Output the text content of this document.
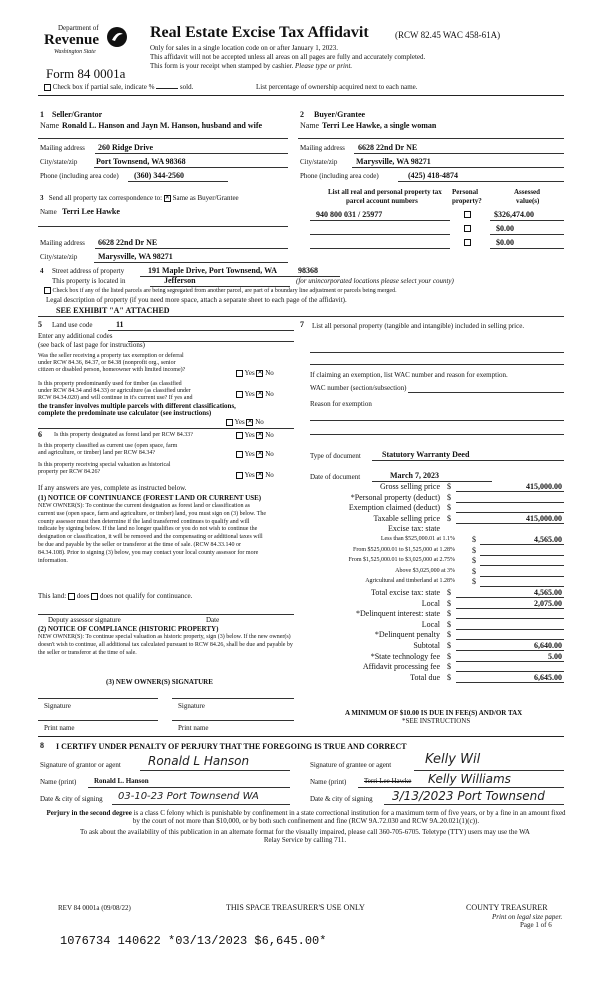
Department of
Revenue
Washington State
Form 84 0001a
Real Estate Excise Tax Affidavit	(RCW 82.45 WAC 458-61A)
Only for sales in a single location code on or after January 1, 2023.
This affidavit will not be accepted unless all areas on all pages are fully and accurately completed.
This form is your receipt when stamped by cashier. Please type or print.
Check box if partial sale, indicate %	sold.	List percentage of ownership acquired next to each name.
1 Seller/Grantor
Name Ronald L. Hanson and Jayn M. Hanson, husband and wife
2 Buyer/Grantee
Name Terri Lee Hawke, a single woman
Mailing address 260 Ridge Drive
City/state/zip Port Townsend, WA 98368
Phone (including area code) (360) 344-2560
Mailing address 6628 22nd Dr NE
City/state/zip Marysville, WA 98271
Phone (including area code)	(425) 418-4874
3 Send all property tax correspondence to: ✕ Same as Buyer/Grantee
Name Terri Lee Hawke
Mailing address 6628 22nd Dr NE
City/state/zip	Marysville, WA 98271
List all real and personal property tax
parcel account numbers
Personal
property?
Assessed
value(s)
940 800 031 / 25977	$326,474.00
$0.00
$0.00
4 Street address of property	191 Maple Drive, Port Townsend, WA	98368
This property is located in	Jefferson	(for unincorporated locations please select your county)
Check box if any of the listed parcels are being segregated from another parcel, are part of a boundary line adjustment or parcels being merged.
Legal description of property (if you need more space, attach a separate sheet to each page of the affidavit).
SEE EXHIBIT "A" ATTACHED
5 Land use code	11
Enter any additional codes
(see back of last page for instructions)
Was the seller receiving a property tax exemption or deferral
under RCW 84.36, 84.37, or 84.38 (nonprofit org., senior
citizen or disabled person, homeowner with limited income)?	Yes ✕ No
Is this property predominantly used for timber (as classified
under RCW 84.34 and 84.33) or agriculture (as classified under
RCW 84.34.020) and will continue in it's current use? If yes and
the transfer involves multiple parcels with different classifications,
complete the predominate use calculator (see instructions)
Yes ✕ No
Yes ✕ No
6 Is this property designated as forest land per RCW 84.33?	Yes ✕ No
Is this property classified as current use (open space, farm
and agriculture, or timber) land per RCW 84.34?	Yes ✕ No
Is this property receiving special valuation as historical
property per RCW 84.26?	Yes ✕ No
If any answers are yes, complete as instructed below.
(1) NOTICE OF CONTINUANCE (FOREST LAND OR CURRENT USE)
NEW OWNER(S): To continue the current designation as forest land or classification as current use (open space, farm and agriculture, or timber) land, you must sign on (3) below. The county assessor must then determine if the land transferred continues to qualify and will indicate by signing below. If the land no longer qualifies or you do not wish to continue the designation or classification, it will be removed and the compensating or additional taxes will be due and payable by the seller or transferor at the time of sale. (RCW 84.33.140 or 84.34.108). Prior to signing (3) below, you may contact your local county assessor for more information.
This land: does does not qualify for continuance.
Deputy assessor signature	Date
(2) NOTICE OF COMPLIANCE (HISTORIC PROPERTY)
NEW OWNER(S): To continue special valuation as historic property, sign (3) below. If the new owner(s) doesn't wish to continue, all additional tax calculated pursuant to RCW 84.26, shall be due and payable by the seller or transferor at the time of sale.
(3) NEW OWNER(S) SIGNATURE
Signature	Signature
Print name	Print name
7 List all personal property (tangible and intangible) included in selling price.
If claiming an exemption, list WAC number and reason for exemption.
WAC number (section/subsection)
Reason for exemption
Type of document	Statutory Warranty Deed
Date of document	March 7, 2023
Gross selling price $	415,000.00
*Personal property (deduct) $
Exemption claimed (deduct) $
Taxable selling price $	415,000.00
Excise tax: state
Less than $525,000.01 at 1.1% $	4,565.00
From $525,000.01 to $1,525,000 at 1.28% $
From $1,525,000.01 to $3,025,000 at 2.75% $
Above $3,025,000 at 3% $
Agricultural and timberland at 1.28% $
Total excise tax: state $	4,565.00
Local $	2,075.00
*Delinquent interest: state $
Local $
*Delinquent penalty $
Subtotal $	6,640.00
*State technology fee $	5.00
Affidavit processing fee $
Total due $	6,645.00
A MINIMUM OF $10.00 IS DUE IN FEE(S) AND/OR TAX
*SEE INSTRUCTIONS
8 I CERTIFY UNDER PENALTY OF PERJURY THAT THE FOREGOING IS TRUE AND CORRECT
Signature of grantor or agent Ronald L Hanson	Signature of grantee or agent	Kelly Wil
Name (print)	Ronald L. Hanson	Name (print)	Terri Lee Hawke Kelly Williams
Date & city of signing 03-10-23 Port Townsend WA	Date & city of signing 3/13/2023 Port Townsend
Perjury in the second degree is a class C felony which is punishable by confinement in a state correctional institution for a maximum term of five years, or by a fine in an amount fixed by the court of not more than $10,000, or by both such confinement and fine (RCW 9A.72.030 and RCW 9A.20.021(1)(c)).
To ask about the availability of this publication in an alternate format for the visually impaired, please call 360-705-6705. Teletype (TTY) users may use the WA Relay Service by calling 711.
REV 84 0001a (09/08/22)	THIS SPACE TREASURER'S USE ONLY	COUNTY TREASURER
Print on legal size paper.
Page 1 of 6
1076734 140622 *03/13/2023 $6,645.00*
